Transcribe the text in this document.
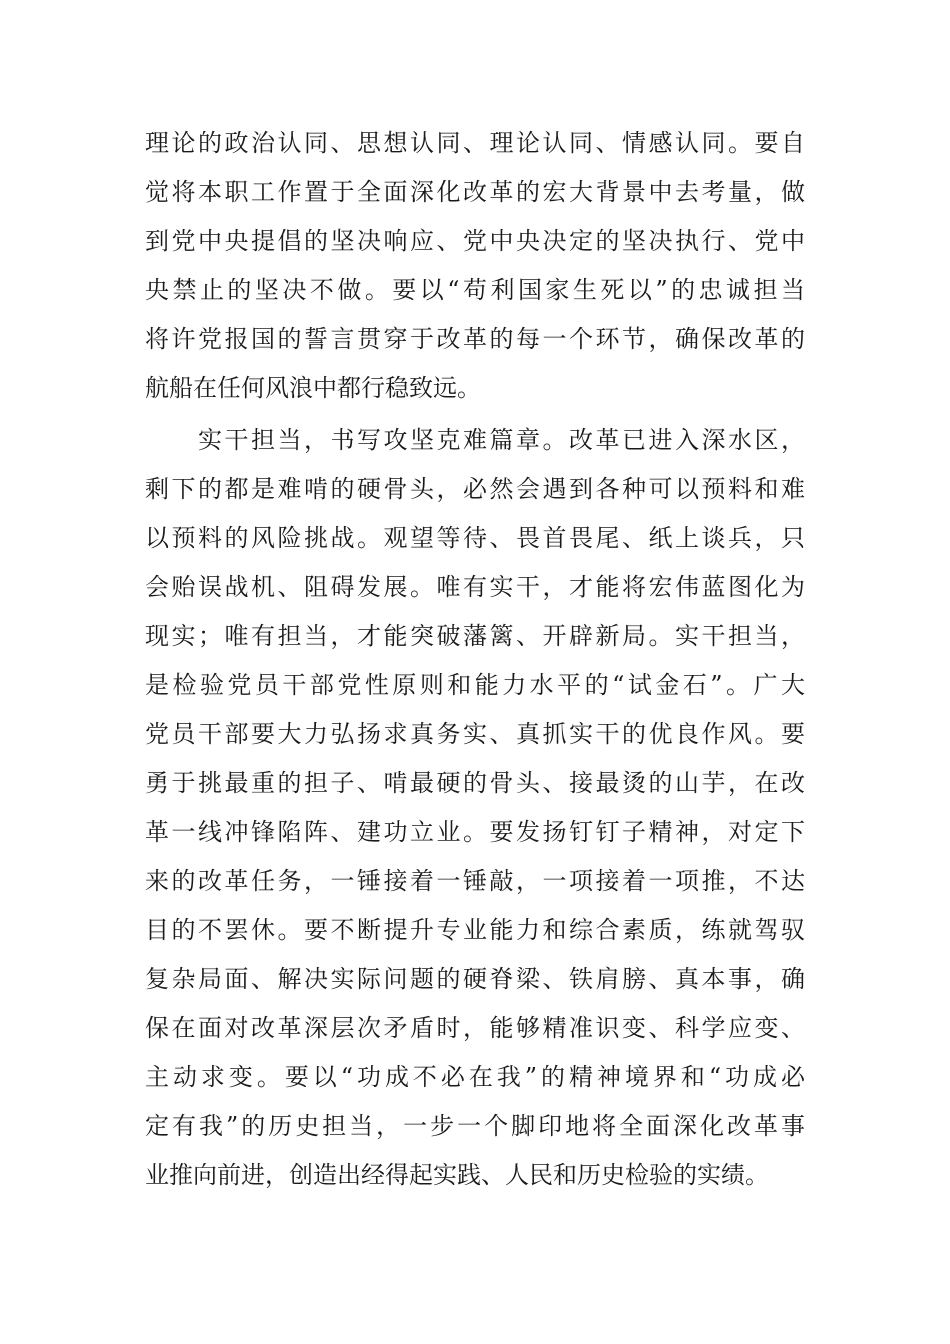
理论的政治认同、思想认同、理论认同、情感认同。要自
觉将本职工作置于全面深化改革的宏大背景中去考量，做
到党中央提倡的坚决响应、党中央决定的坚决执行、党中
央禁止的坚决不做。要以“苟利国家生死以”的忠诚担当
将许党报国的誓言贯穿于改革的每一个环节，确保改革的
航船在任何风浪中都行稳致远。
实干担当，书写攻坚克难篇章。改革已进入深水区，
剩下的都是难啃的硬骨头，必然会遇到各种可以预料和难
以预料的风险挑战。观望等待、畏首畏尾、纸上谈兵，只
会贻误战机、阻碍发展。唯有实干，才能将宏伟蓝图化为
现实；唯有担当，才能突破藩篱、开辟新局。实干担当，
是检验党员干部党性原则和能力水平的“试金石”。广大
党员干部要大力弘扬求真务实、真抓实干的优良作风。要
勇于挑最重的担子、啃最硬的骨头、接最烫的山芋，在改
革一线冲锋陷阵、建功立业。要发扬钉钉子精神，对定下
来的改革任务，一锤接着一锤敲，一项接着一项推，不达
目的不罢休。要不断提升专业能力和综合素质，练就驾驭
复杂局面、解决实际问题的硬脊梁、铁肩膀、真本事，确
保在面对改革深层次矛盾时，能够精准识变、科学应变、
主动求变。要以“功成不必在我”的精神境界和“功成必
定有我”的历史担当，一步一个脚印地将全面深化改革事
业推向前进，创造出经得起实践、人民和历史检验的实绩。
